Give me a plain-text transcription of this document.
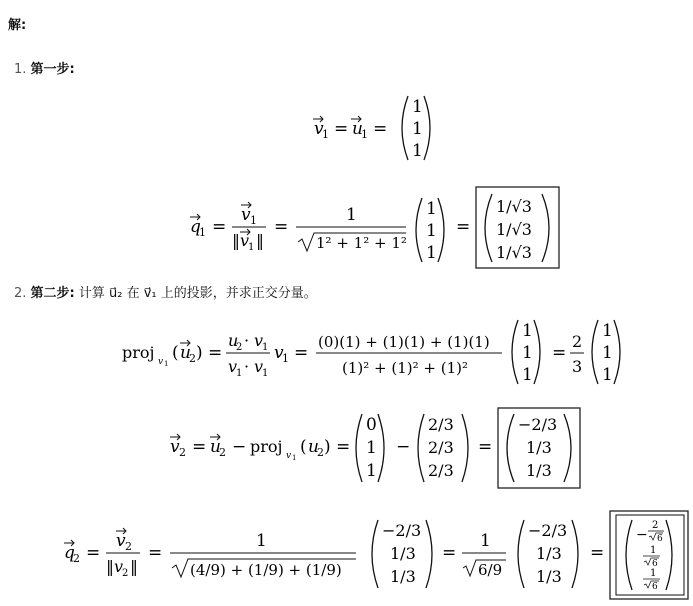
解:
1. 第一步:
v
1 = u
1 =
1
1
1
q
1 =
v 1
‖ v
1 ‖
=
1
1² + 1² + 1²
1
1
1
=
1/√3
1/√3
1/√3
2. 第二步: 计算 u⃗₂ 在 v⃗₁ 上的投影，并求正交分量。
proj v 1
( u
2 ) =
u
2 · v
1
v
1 · v
1
v
1 =
(0)(1) + (1)(1) + (1)(1)
(1)² + (1)² + (1)²
1
1
1
=
2
3
1
1
1
v 2 = u
2 − proj v 1
( u
2 ) =
0
1
1
−
2/3
2/3
2/3
=
−2/3
1/3
1/3
q
2 =
v 2
‖ v
2 ‖
=
1
(4/9) + (1/9) + (1/9)
−2/3
1/3
1/3
=
1
6/9
−2/3
1/3
1/3
=
−
2
6
1
6
1
6
